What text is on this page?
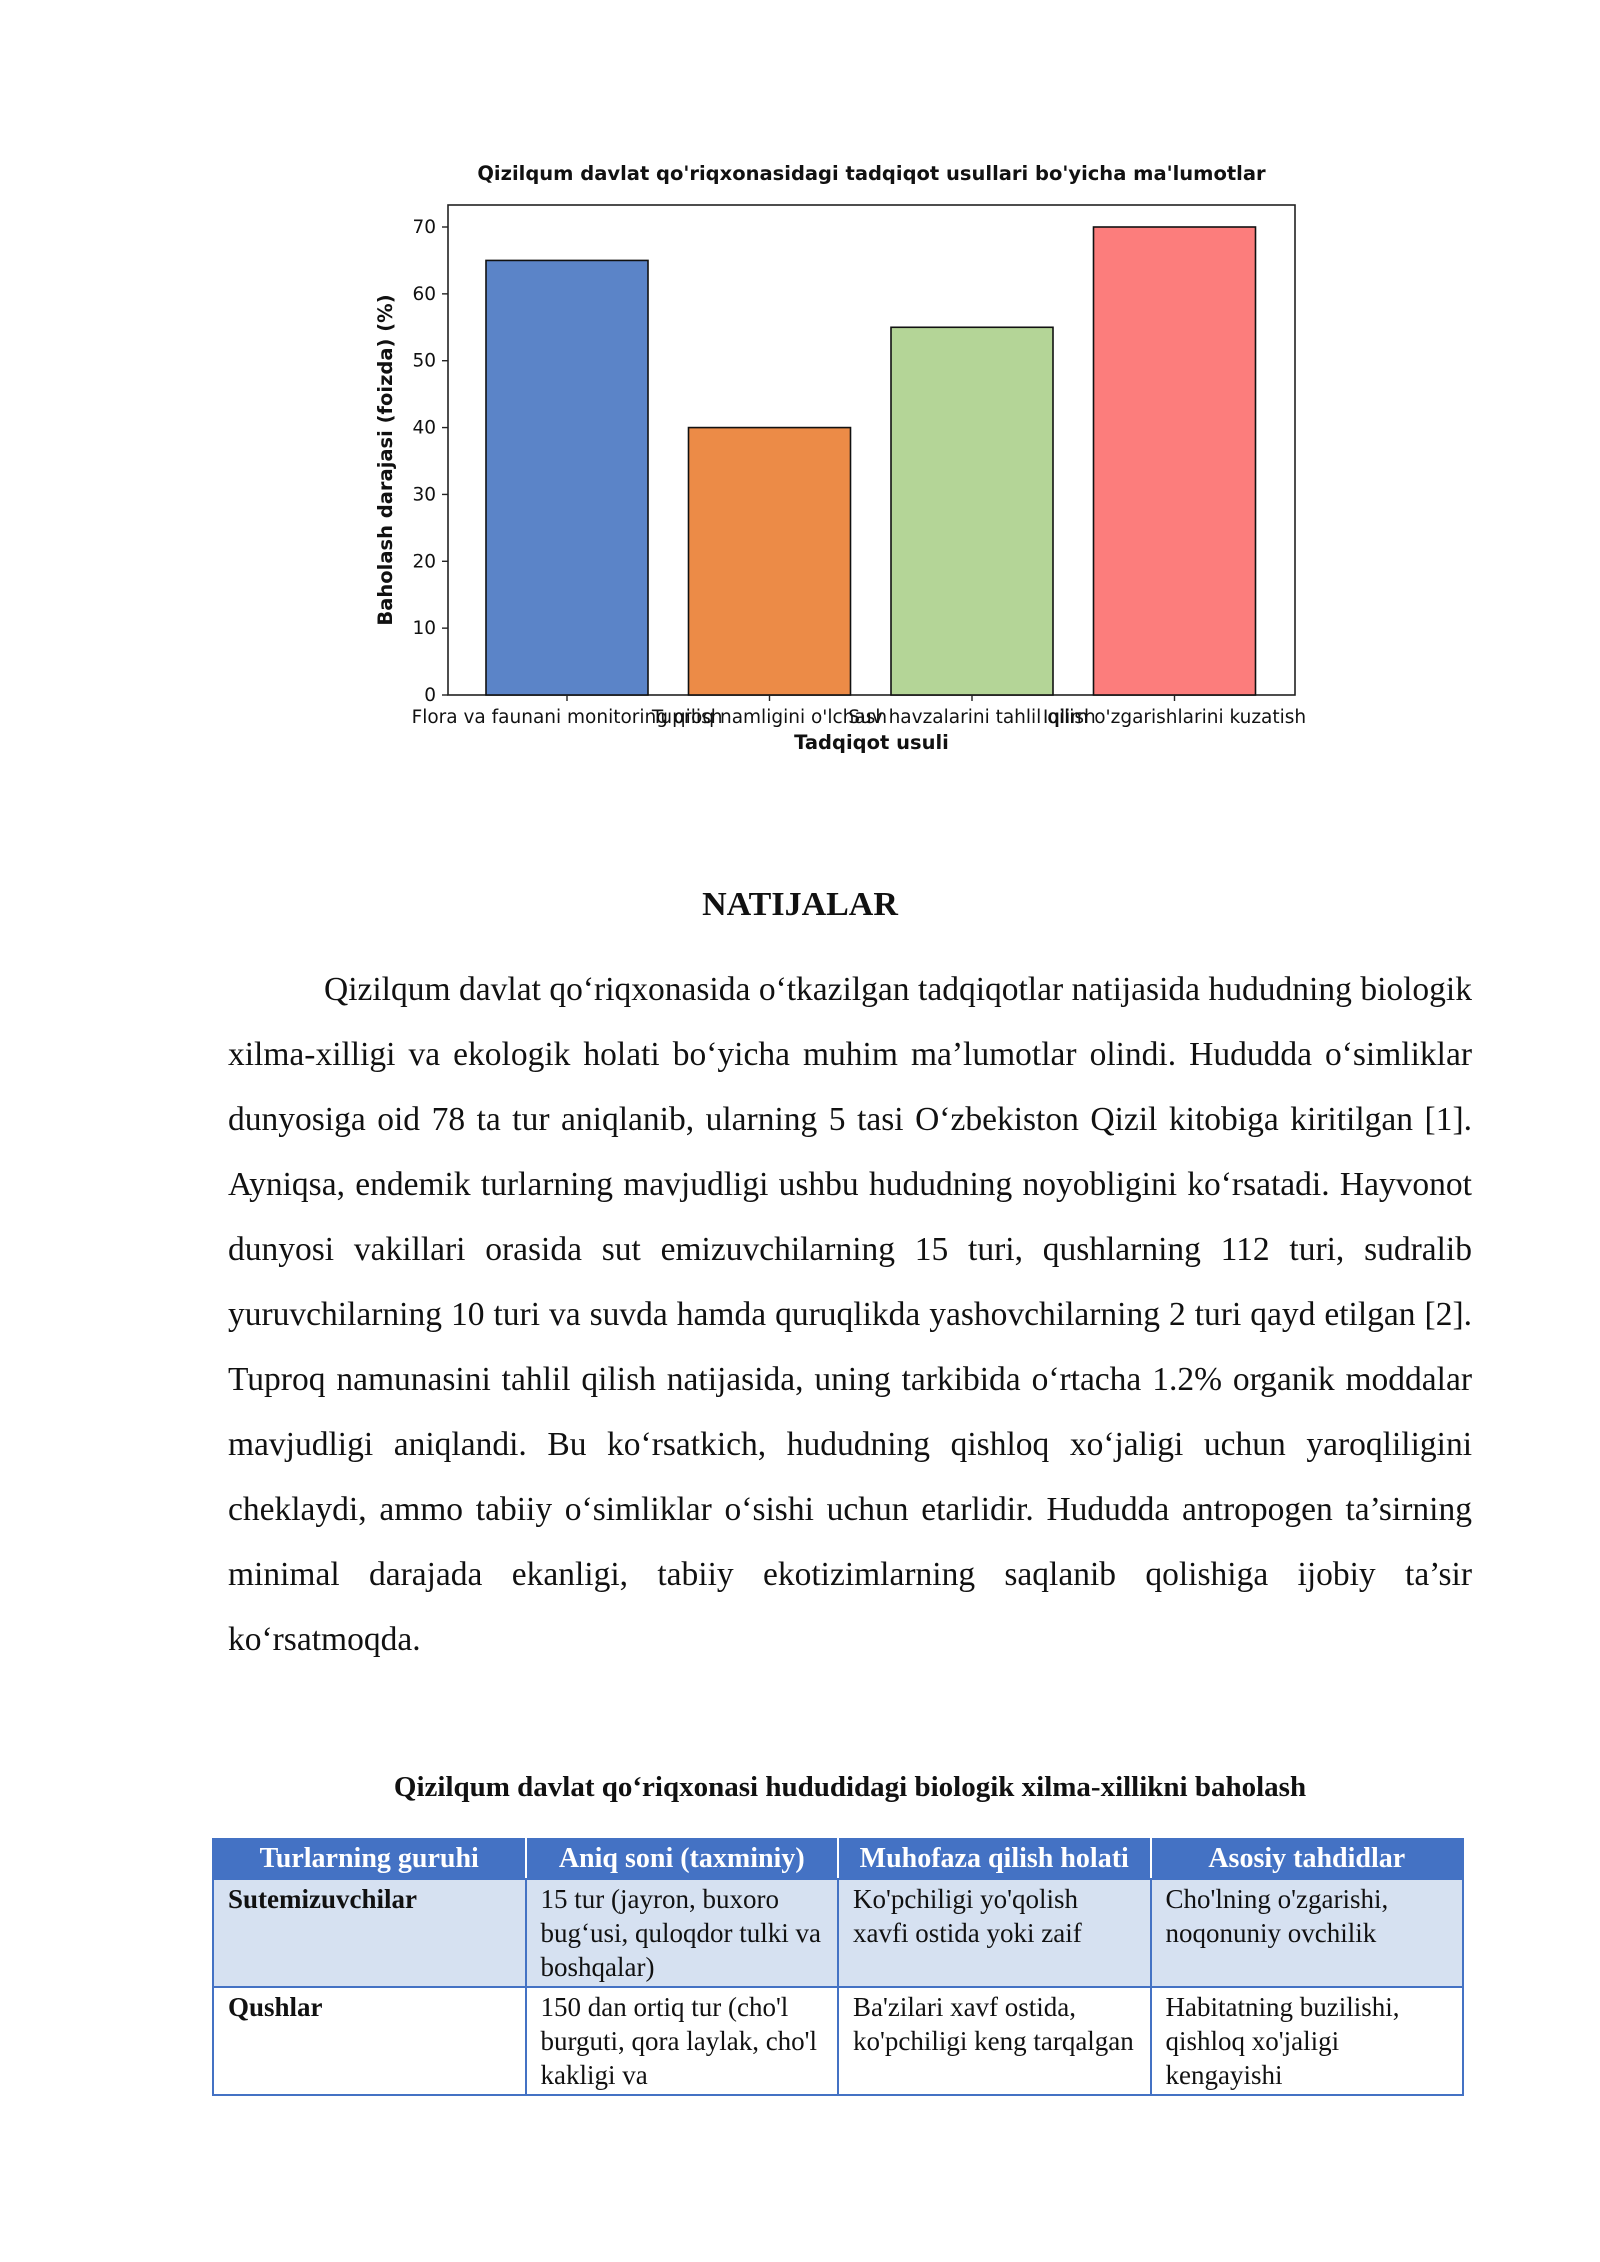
Qizilqum davlat qo'riqxonasidagi tadqiqot usullari bo'yicha ma'lumotlar
Flora va faunani monitoring qilish
Tuproq namligini o'lchash
Suv havzalarini tahlil qilish
Iqlim o'zgarishlarini kuzatish
0
10
20
30
40
50
60
70
Tadqiqot usuli
Baholash darajasi (foizda) (%)
NATIJALAR

Qizilqum davlat qo‘riqxonasida o‘tkazilgan tadqiqotlar natijasida hududning biologik xilma-xilligi va ekologik holati bo‘yicha muhim ma’lumotlar olindi. Hududda o‘simliklar dunyosiga oid 78 ta tur aniqlanib, ularning 5 tasi O‘zbekiston Qizil kitobiga kiritilgan [1]. Ayniqsa, endemik turlarning mavjudligi ushbu hududning noyobligini ko‘rsatadi. Hayvonot dunyosi vakillari orasida sut emizuvchilarning 15 turi, qushlarning 112 turi, sudralib yuruvchilarning 10 turi va suvda hamda quruqlikda yashovchilarning 2 turi qayd etilgan [2]. Tuproq namunasini tahlil qilish natijasida, uning tarkibida o‘rtacha 1.2% organik moddalar mavjudligi aniqlandi. Bu ko‘rsatkich, hududning qishloq xo‘jaligi uchun yaroqliligini cheklaydi, ammo tabiiy o‘simliklar o‘sishi uchun etarlidir. Hududda antropogen ta’sirning minimal darajada ekanligi, tabiiy ekotizimlarning saqlanib qolishiga ijobiy ta’sir ko‘rsatmoqda.

Qizilqum davlat qo‘riqxonasi hududidagi biologik xilma-xillikni baholash
Turlarning guruhi	Aniq soni (taxminiy)	Muhofaza qilish holati	Asosiy tahdidlar
Sutemizuvchilar	15 tur (jayron, buxoro bug‘usi, quloqdor tulki va boshqalar)	Ko'pchiligi yo'qolish xavfi ostida yoki zaif	Cho'lning o'zgarishi, noqonuniy ovchilik
Qushlar	150 dan ortiq tur (cho'l burguti, qora laylak, cho'l kakligi va	Ba'zilari xavf ostida, ko'pchiligi keng tarqalgan	Habitatning buzilishi, qishloq xo'jaligi kengayishi
